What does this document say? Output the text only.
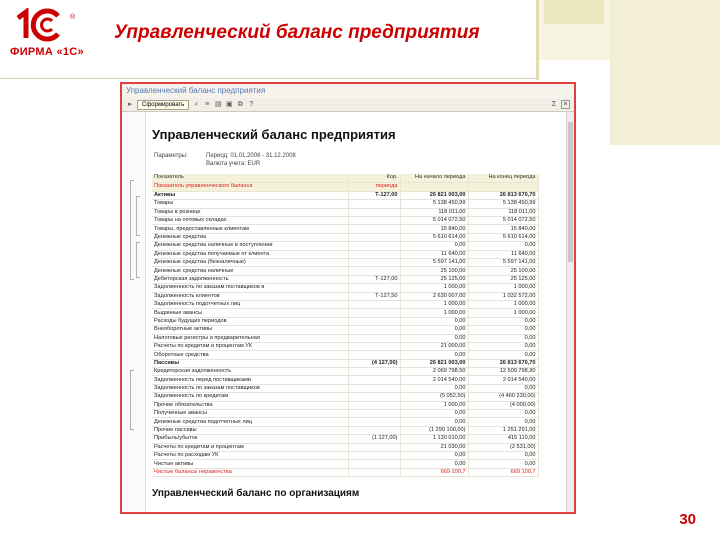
®
ФИРМА «1С»
Управленческий баланс предприятия
Управленческий баланс предприятия
▸	Сформировать	⌕ ≡ ▤ ▣ ⧉ ?	Σ	×
Управленческий баланс предприятия
Параметры:	Период: 01.01.2008 - 31.12.2008
Валюта учета: EUR
Показатель	Кор.	На начало периода	На конец периода
Показатель управленческого баланса	периода		
Активы	Т-127,00	26 821 003,00	26 813 670,70
Товары		5 138 450,99	5 138 450,99
Товары в рознице		118 011,00	118 011,00
Товары на оптовых складах		5 014 072,50	5 014 072,50
Товары, предоставленные клиентам		15 840,00	15 840,00
Денежные средства		5 610 614,00	5 610 614,00
Денежные средства наличные в поступлении		0,00	0,00
Денежные средства получаемые от клиента		11 640,00	11 640,00
Денежные средства (безналичные)		5 597 141,00	5 597 141,00
Денежные средства наличные		25 100,00	25 100,00
Дебиторская задолженность	Т-127,00	25 125,00	25 125,00
Задолженность по заказам поставщиков в		1 000,00	1 000,00
Задолженность клиентов	Т-127,50	2 630 007,00	1 032 572,00
Задолженность подотчетных лиц		1 000,00	1 000,00
Выданные авансы		1 000,00	1 000,00
Расходы будущих периодов		0,00	0,00
Внеоборотные активы		0,00	0,00
Налоговые регистры и предварительная		0,00	0,00
Расчеты по кредитам и процентам УК		21 000,00	0,00
Оборотные средства		0,00	0,00
Пассивы	(4 127,00)	26 821 003,00	26 813 670,70
Кредиторская задолженность		2 069 798,50	12 509 798,90
Задолженность перед поставщиками		2 014 540,00	2 014 540,00
Задолженность по заказам поставщиков		0,00	0,00
Задолженность по кредитам		(5 052,50)	(4 460 230,00)
Прочие обязательства		1 000,00	(4 000,00)
Полученные авансы		0,00	0,00
Денежные средства подотчетных лиц		0,00	0,00
Прочие пассивы		(1 290 100,00)	1 251 291,00
Прибыль/убыток	(1 127,00)	1 130 010,00	415 110,00
Расчеты по кредитам и процентам		21 030,00	(2 531,00)
Расчеты по расходам УК		0,00	0,00
Чистые активы		0,00	0,00
Чистые балансы неравенства		669 100,7	669 100,7
Управленческий баланс по организациям
30
